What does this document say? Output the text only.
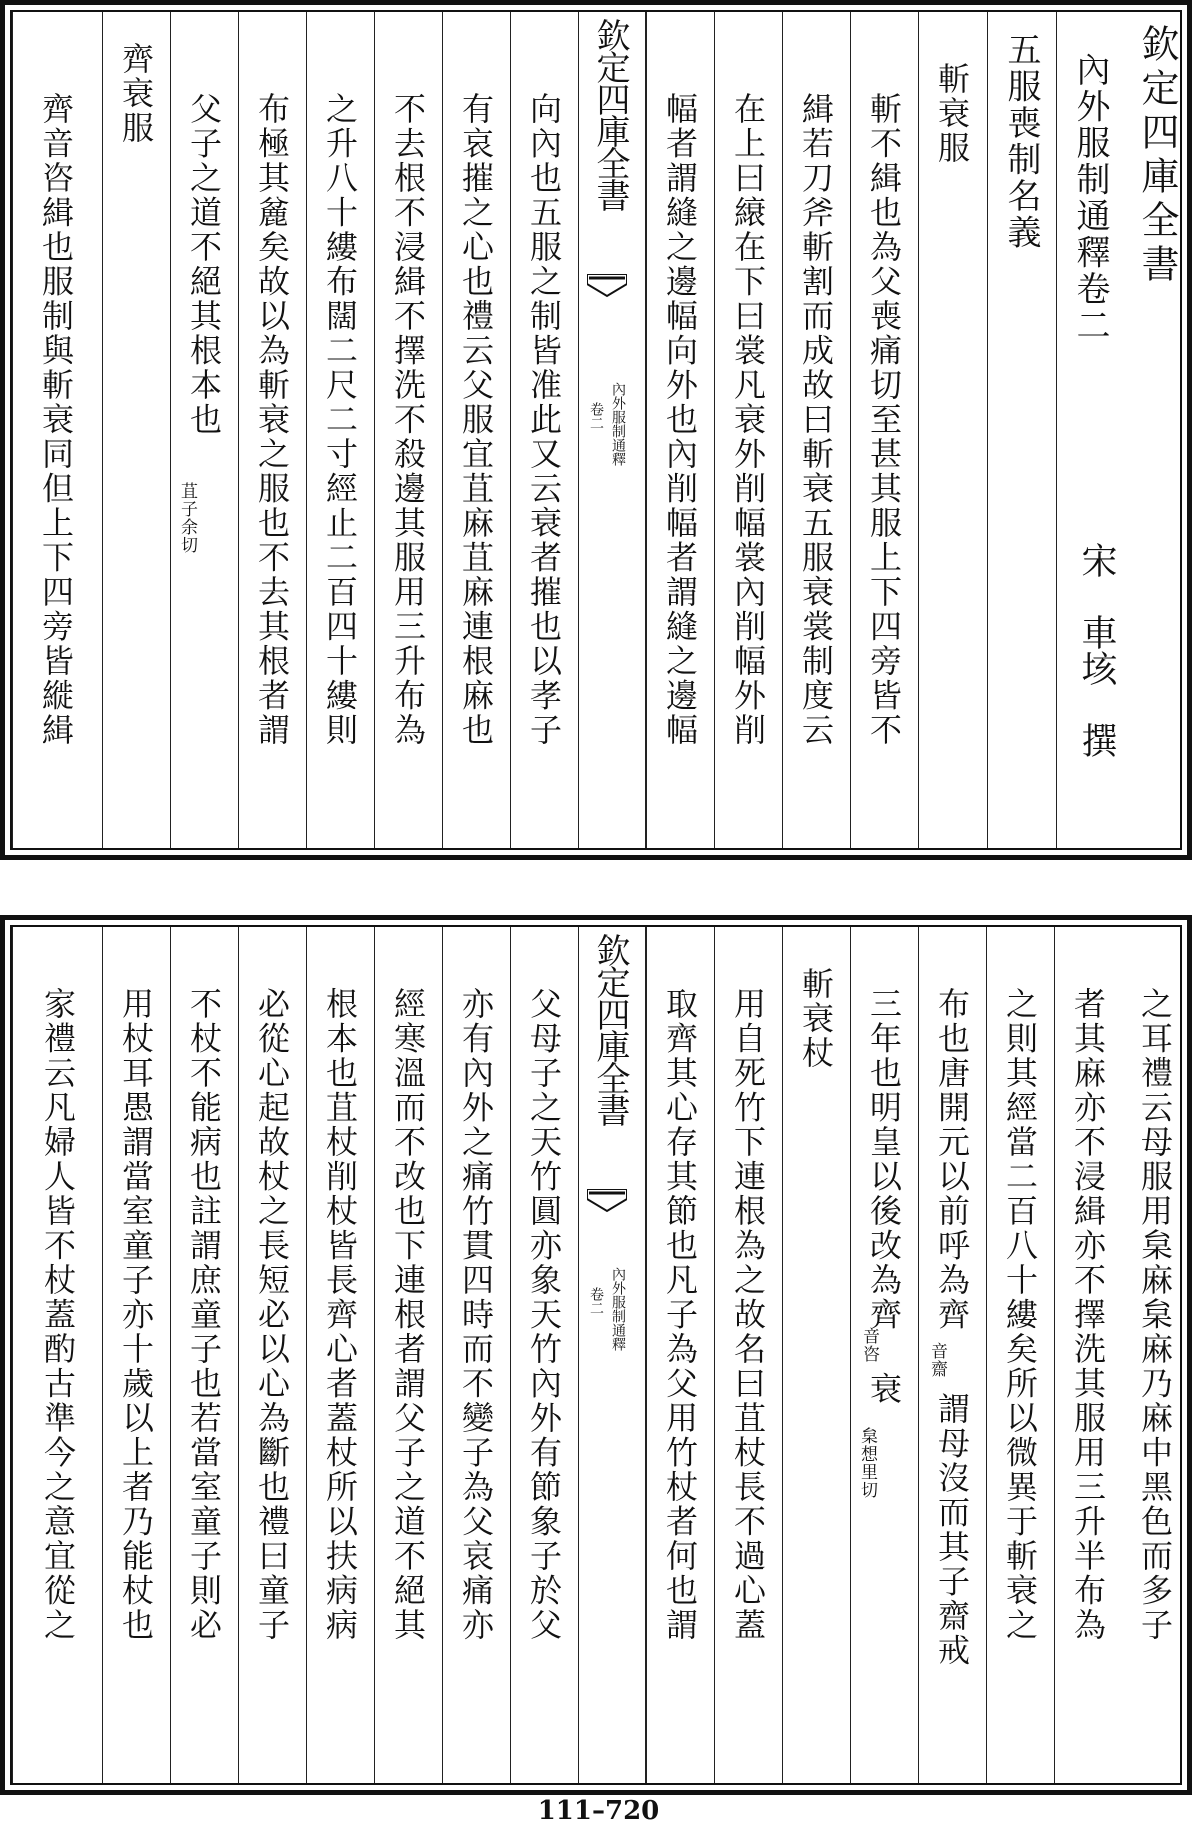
欽定四庫全書
內外服制通釋卷二
宋　車垓　撰
五服喪制名義
斬衰服
斬不緝也為父喪痛切至甚其服上下四旁皆不
緝若刀斧斬割而成故曰斬衰五服衰裳制度云
在上曰縗在下曰裳凡衰外削幅裳內削幅外削
幅者謂縫之邊幅向外也內削幅者謂縫之邊幅
欽定四庫全書
內外服制通釋
卷二
向內也五服之制皆准此又云衰者摧也以孝子
有哀摧之心也禮云父服宜苴麻苴麻連根麻也
不去根不浸緝不擇洗不殺邊其服用三升布為
之升八十縷布闊二尺二寸經止二百四十縷則
布極其麄矣故以為斬衰之服也不去其根者謂
父子之道不絕其根本也
苴子余切
齊衰服
齊音咨緝也服制與斬衰同但上下四旁皆縰緝
之耳禮云母服用枲麻枲麻乃麻中黑色而多子
者其麻亦不浸緝亦不擇洗其服用三升半布為
之則其經當二百八十縷矣所以微異于斬衰之
布也唐開元以前呼為齊
音齋
謂母沒而其子齋戒
三年也明皇以後改為齊
音咨
衰
枲想里切
斬衰杖
用自死竹下連根為之故名曰苴杖長不過心蓋
取齊其心存其節也凡子為父用竹杖者何也謂
欽定四庫全書
內外服制通釋
卷二
父母子之天竹圓亦象天竹內外有節象子於父
亦有內外之痛竹貫四時而不變子為父哀痛亦
經寒溫而不改也下連根者謂父子之道不絕其
根本也苴杖削杖皆長齊心者蓋杖所以扶病病
必從心起故杖之長短必以心為斷也禮曰童子
不杖不能病也註謂庶童子也若當室童子則必
用杖耳愚謂當室童子亦十歲以上者乃能杖也
家禮云凡婦人皆不杖蓋酌古準今之意宜從之
111–720
